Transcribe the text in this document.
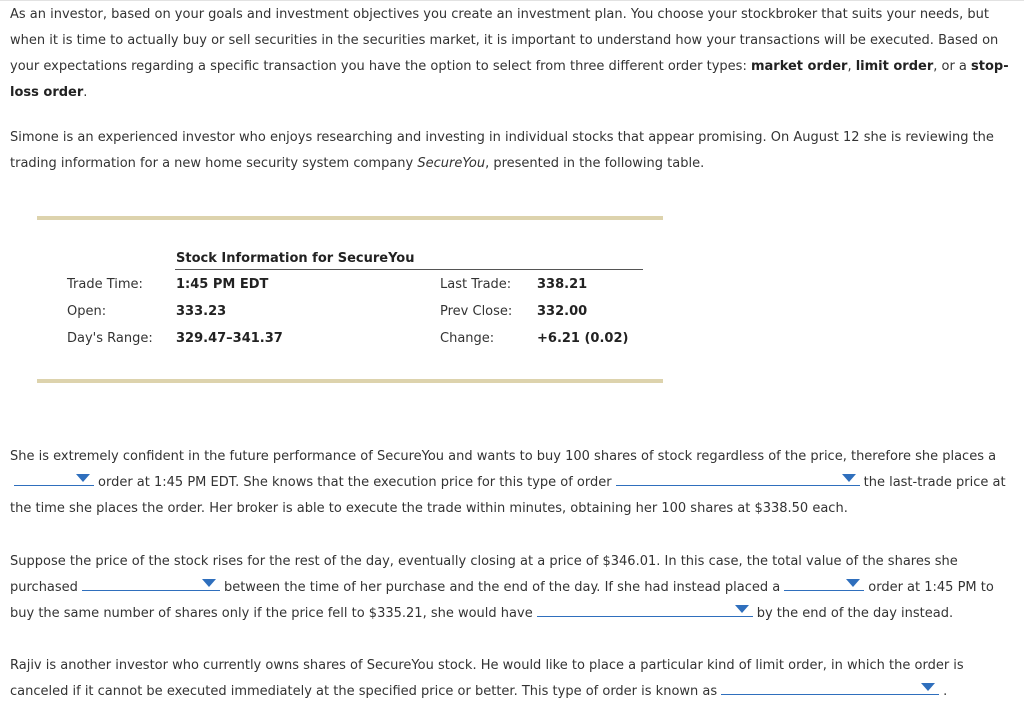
As an investor, based on your goals and investment objectives you create an investment plan. You choose your stockbroker that suits your needs, but when it is time to actually buy or sell securities in the securities market, it is important to understand how your transactions will be executed. Based on your expectations regarding a specific transaction you have the option to select from three different order types: market order, limit order, or a stop-loss order.

Simone is an experienced investor who enjoys researching and investing in individual stocks that appear promising. On August 12 she is reviewing the trading information for a new home security system company SecureYou, presented in the following table.

Stock Information for SecureYou
Trade Time:	1:45 PM EDT	Last Trade: 338.21
Open:	333.23	Prev Close: 332.00
Day's Range: 329.47–341.37	Change:	+6.21 (0.02)

She is extremely confident in the future performance of SecureYou and wants to buy 100 shares of stock regardless of the price, therefore she places a
order at 1:45 PM EDT. She knows that the execution price for this type of order	the last-trade price at the time she places the order. Her broker is able to execute the trade within minutes, obtaining her 100 shares at $338.50 each.

Suppose the price of the stock rises for the rest of the day, eventually closing at a price of $346.01. In this case, the total value of the shares she purchased	between the time of her purchase and the end of the day. If she had instead placed a	order at 1:45 PM to buy the same number of shares only if the price fell to $335.21, she would have	by the end of the day instead.

Rajiv is another investor who currently owns shares of SecureYou stock. He would like to place a particular kind of limit order, in which the order is canceled if it cannot be executed immediately at the specified price or better. This type of order is known as	.
